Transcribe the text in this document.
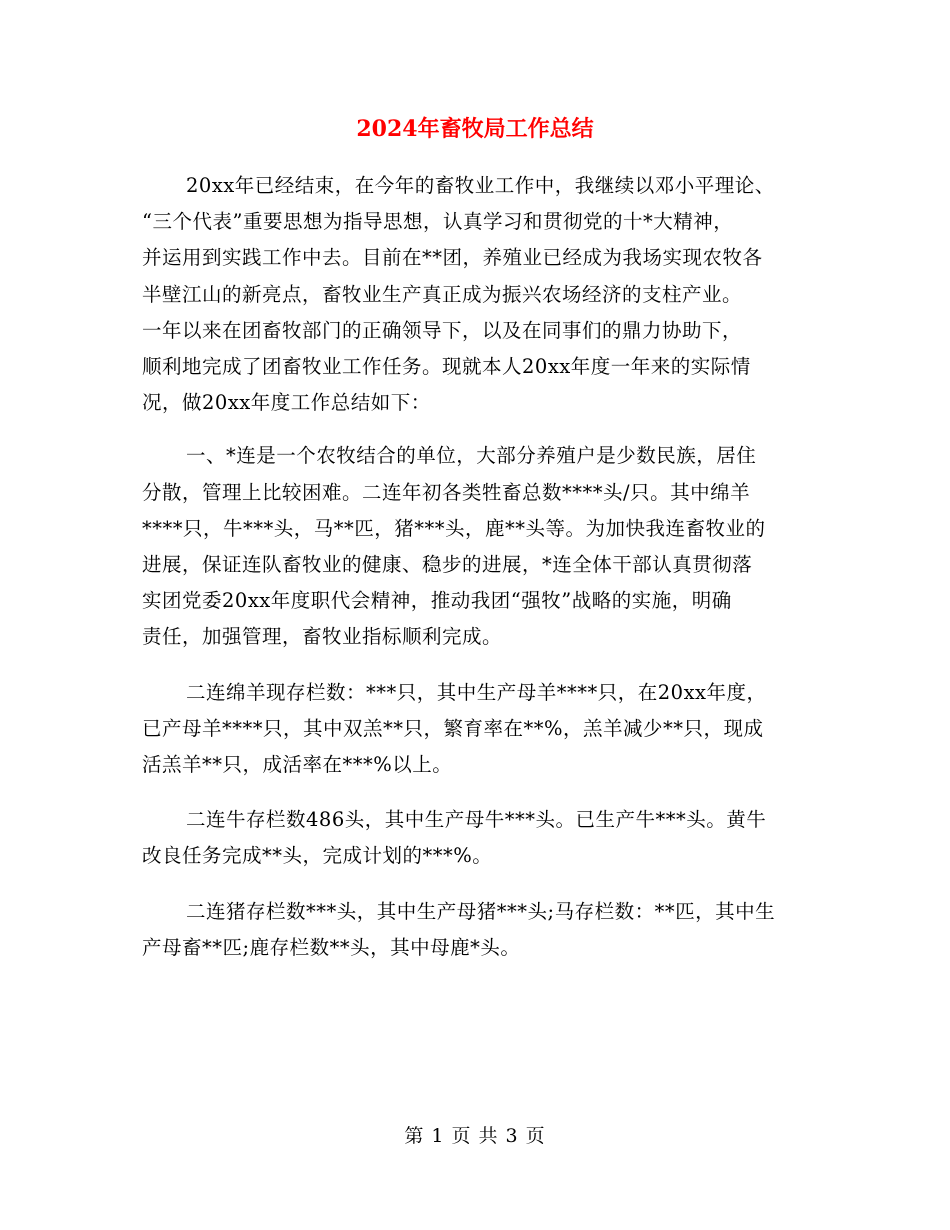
2024年畜牧局工作总结

20xx年已经结束，在今年的畜牧业工作中，我继续以邓小平理论、
“三个代表”重要思想为指导思想，认真学习和贯彻党的十*大精神，
并运用到实践工作中去。目前在**团，养殖业已经成为我场实现农牧各
半壁江山的新亮点，畜牧业生产真正成为振兴农场经济的支柱产业。
一年以来在团畜牧部门的正确领导下，以及在同事们的鼎力协助下，
顺利地完成了团畜牧业工作任务。现就本人20xx年度一年来的实际情
况，做20xx年度工作总结如下：

一、*连是一个农牧结合的单位，大部分养殖户是少数民族，居住
分散，管理上比较困难。二连年初各类牲畜总数****头/只。其中绵羊
****只，牛***头，马**匹，猪***头，鹿**头等。为加快我连畜牧业的
进展，保证连队畜牧业的健康、稳步的进展，*连全体干部认真贯彻落
实团党委20xx年度职代会精神，推动我团“强牧”战略的实施，明确
责任，加强管理，畜牧业指标顺利完成。

二连绵羊现存栏数：***只，其中生产母羊****只，在20xx年度，
已产母羊****只，其中双羔**只，繁育率在**%，羔羊减少**只，现成
活羔羊**只，成活率在***%以上。

二连牛存栏数486头，其中生产母牛***头。已生产牛***头。黄牛
改良任务完成**头，完成计划的***%。

二连猪存栏数***头，其中生产母猪***头;马存栏数：**匹，其中生
产母畜**匹;鹿存栏数**头，其中母鹿*头。

第 1 页 共 3 页
